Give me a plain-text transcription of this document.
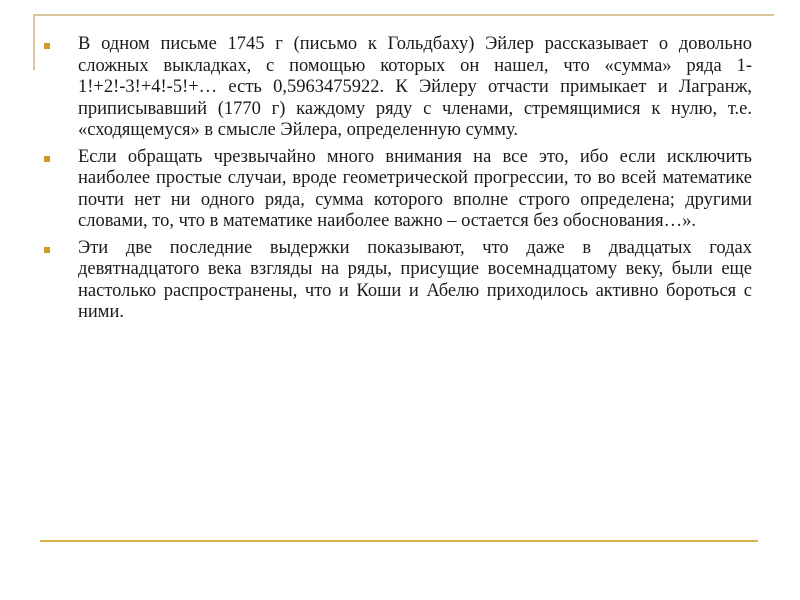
В одном письме 1745 г (письмо к Гольдбаху) Эйлер рассказывает о довольно сложных выкладках, с помощью которых он нашел, что «сумма» ряда 1-1!+2!-3!+4!-5!+… есть 0,5963475922. К Эйлеру отчасти примыкает и Лагранж, приписывавший (1770 г) каждому ряду с членами, стремящимися к нулю, т.е. «сходящемуся» в смысле Эйлера, определенную сумму.
Если обращать чрезвычайно много внимания на все это, ибо если исключить наиболее простые случаи, вроде геометрической прогрессии, то во всей математике почти нет ни одного ряда, сумма которого вполне строго определена; другими словами, то, что в математике наиболее важно – остается без обоснования…».
Эти две последние выдержки показывают, что даже в двадцатых годах девятнадцатого века взгляды на ряды, присущие восемнадцатому веку, были еще настолько распространены, что и Коши и Абелю приходилось активно бороться с ними.
